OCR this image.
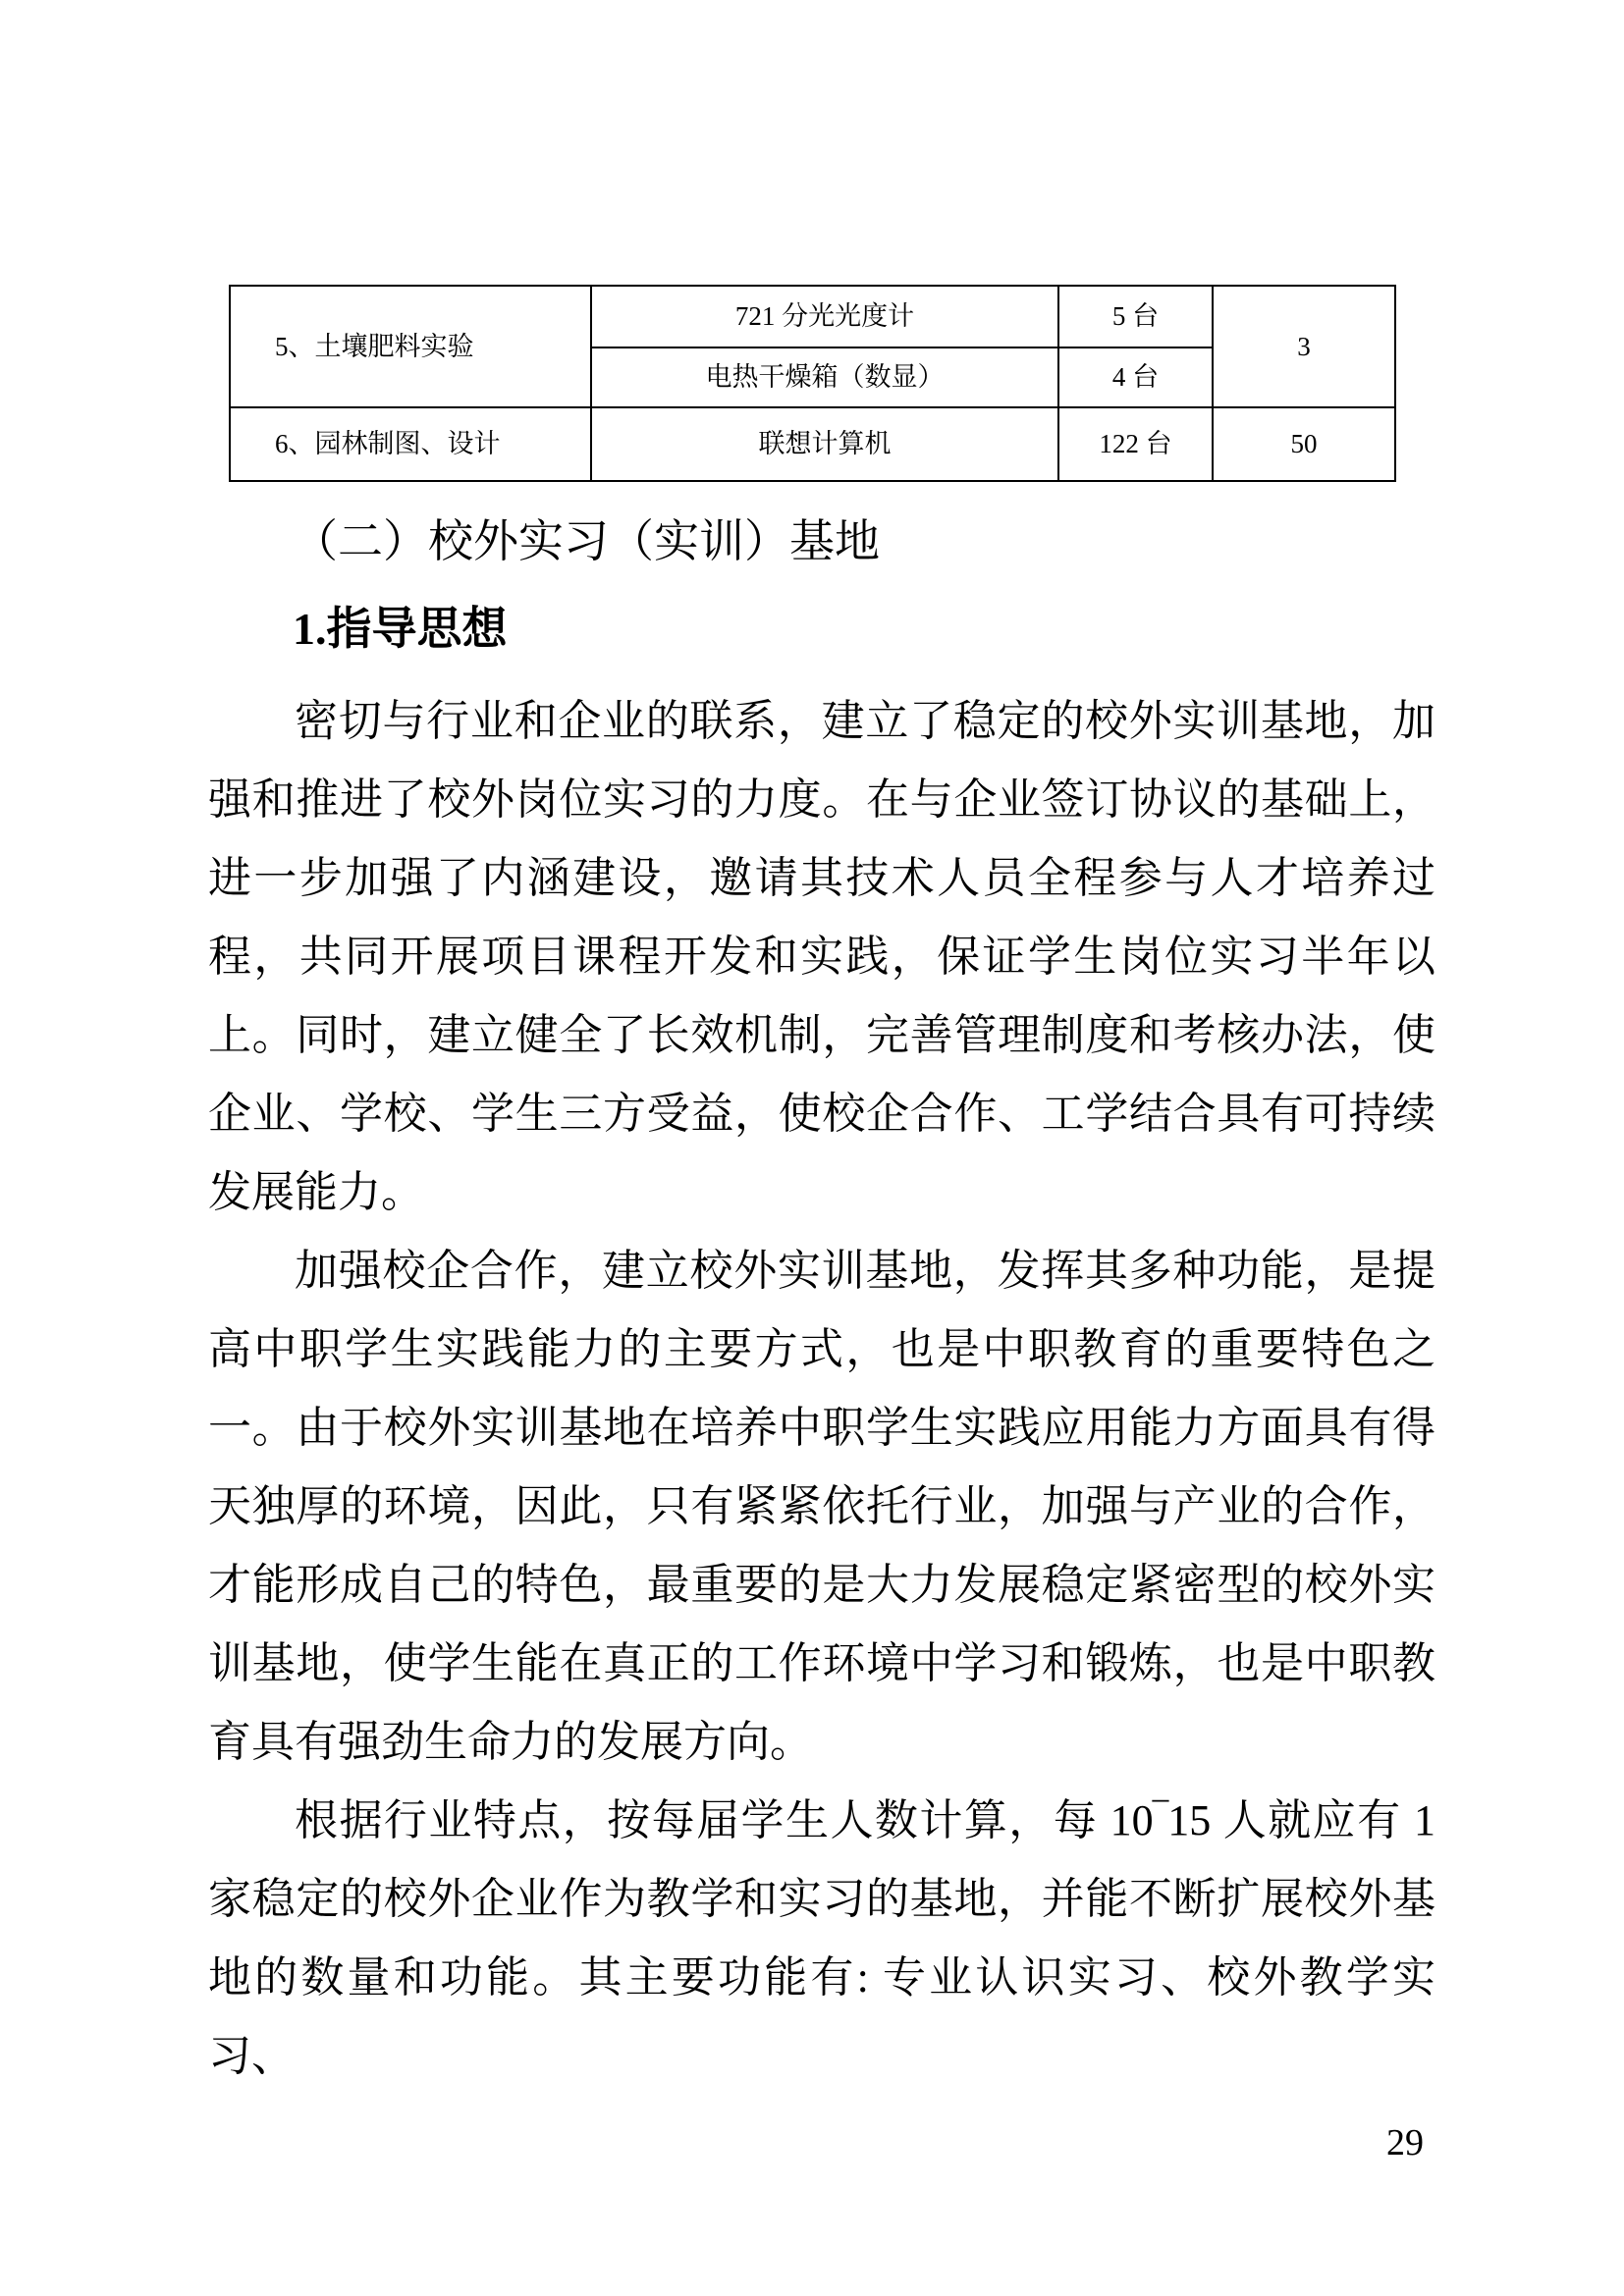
5、土壤肥料实验	721 分光光度计	5 台	3
	电热干燥箱（数显）	4 台	
6、园林制图、设计	联想计算机	122 台	50
（二）校外实习（实训）基地
1.指导思想
密切与行业和企业的联系，建立了稳定的校外实训基地，加强和推进了校外岗位实习的力度。在与企业签订协议的基础上，进一步加强了内涵建设，邀请其技术人员全程参与人才培养过程，共同开展项目课程开发和实践，保证学生岗位实习半年以上。同时，建立健全了长效机制，完善管理制度和考核办法，使企业、学校、学生三方受益，使校企合作、工学结合具有可持续发展能力。
加强校企合作，建立校外实训基地，发挥其多种功能，是提高中职学生实践能力的主要方式，也是中职教育的重要特色之一。由于校外实训基地在培养中职学生实践应用能力方面具有得天独厚的环境，因此，只有紧紧依托行业，加强与产业的合作，才能形成自己的特色，最重要的是大力发展稳定紧密型的校外实训基地，使学生能在真正的工作环境中学习和锻炼，也是中职教育具有强劲生命力的发展方向。
根据行业特点，按每届学生人数计算，每 10‾15 人就应有 1 家稳定的校外企业作为教学和实习的基地，并能不断扩展校外基地的数量和功能。其主要功能有: 专业认识实习、校外教学实习、
29
